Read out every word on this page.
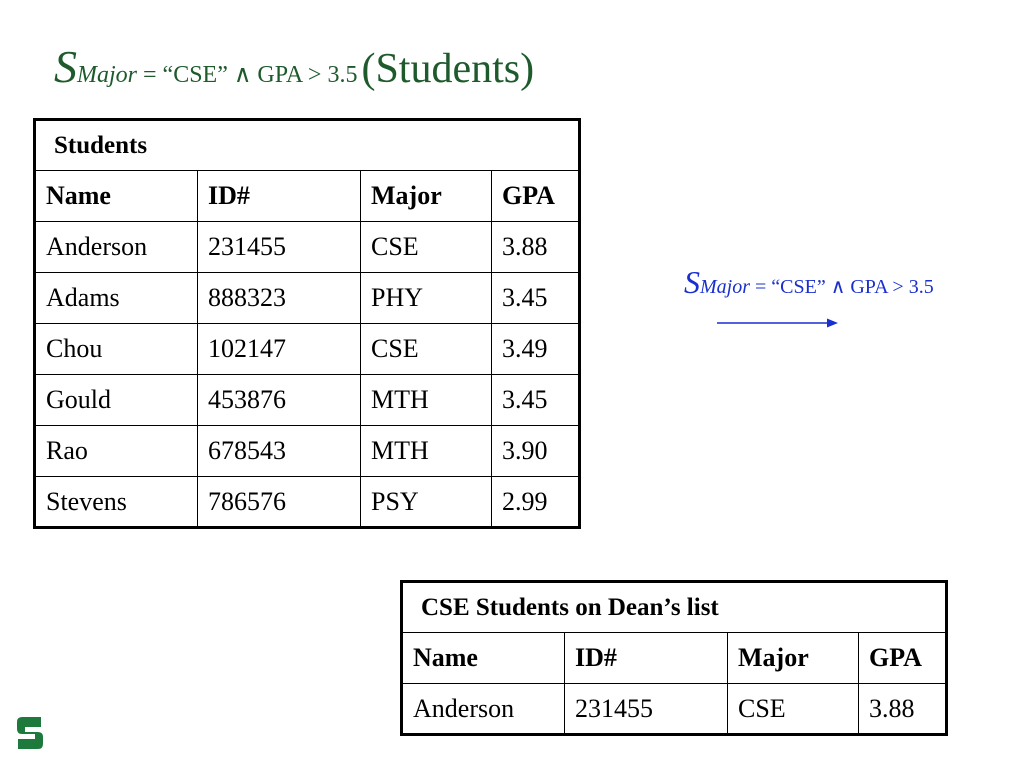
SMajor = “CSE” ∧ GPA > 3.5 (Students)
Students			
Name	ID#	Major	GPA
Anderson	231455	CSE	3.88
Adams	888323	PHY	3.45
Chou	102147	CSE	3.49
Gould	453876	MTH	3.45
Rao	678543	MTH	3.90
Stevens	786576	PSY	2.99
SMajor = “CSE” ∧ GPA > 3.5
CSE Students on Dean’s list			
Name	ID#	Major	GPA
Anderson	231455	CSE	3.88
